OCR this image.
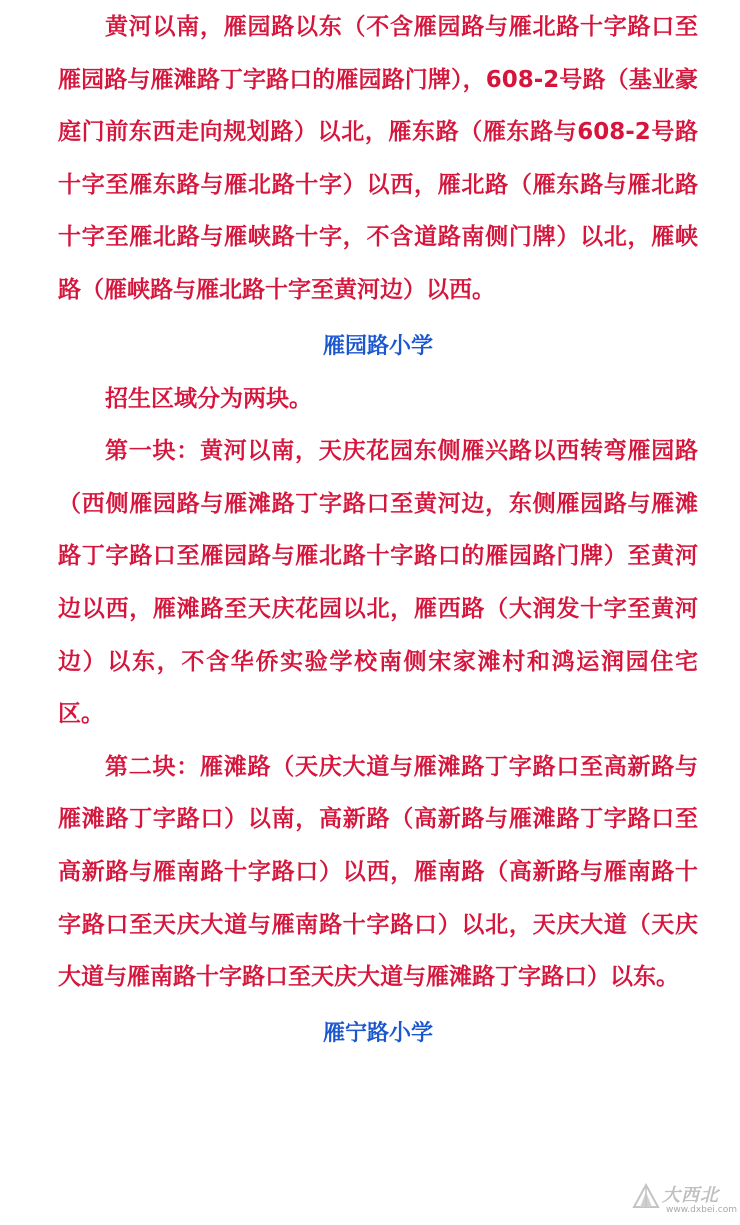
黄河以南，雁园路以东（不含雁园路与雁北路十字路口至雁园路与雁滩路丁字路口的雁园路门牌），608-2号路（基业豪庭门前东西走向规划路）以北，雁东路（雁东路与608-2号路十字至雁东路与雁北路十字）以西，雁北路（雁东路与雁北路十字至雁北路与雁峡路十字，不含道路南侧门牌）以北，雁峡路（雁峡路与雁北路十字至黄河边）以西。

雁园路小学

招生区域分为两块。

第一块：黄河以南，天庆花园东侧雁兴路以西转弯雁园路（西侧雁园路与雁滩路丁字路口至黄河边，东侧雁园路与雁滩路丁字路口至雁园路与雁北路十字路口的雁园路门牌）至黄河边以西，雁滩路至天庆花园以北，雁西路（大润发十字至黄河边）以东，不含华侨实验学校南侧宋家滩村和鸿运润园住宅区。

第二块：雁滩路（天庆大道与雁滩路丁字路口至高新路与雁滩路丁字路口）以南，高新路（高新路与雁滩路丁字路口至高新路与雁南路十字路口）以西，雁南路（高新路与雁南路十字路口至天庆大道与雁南路十字路口）以北，天庆大道（天庆大道与雁南路十字路口至天庆大道与雁滩路丁字路口）以东。

雁宁路小学
大西北
www.dxbei.com
